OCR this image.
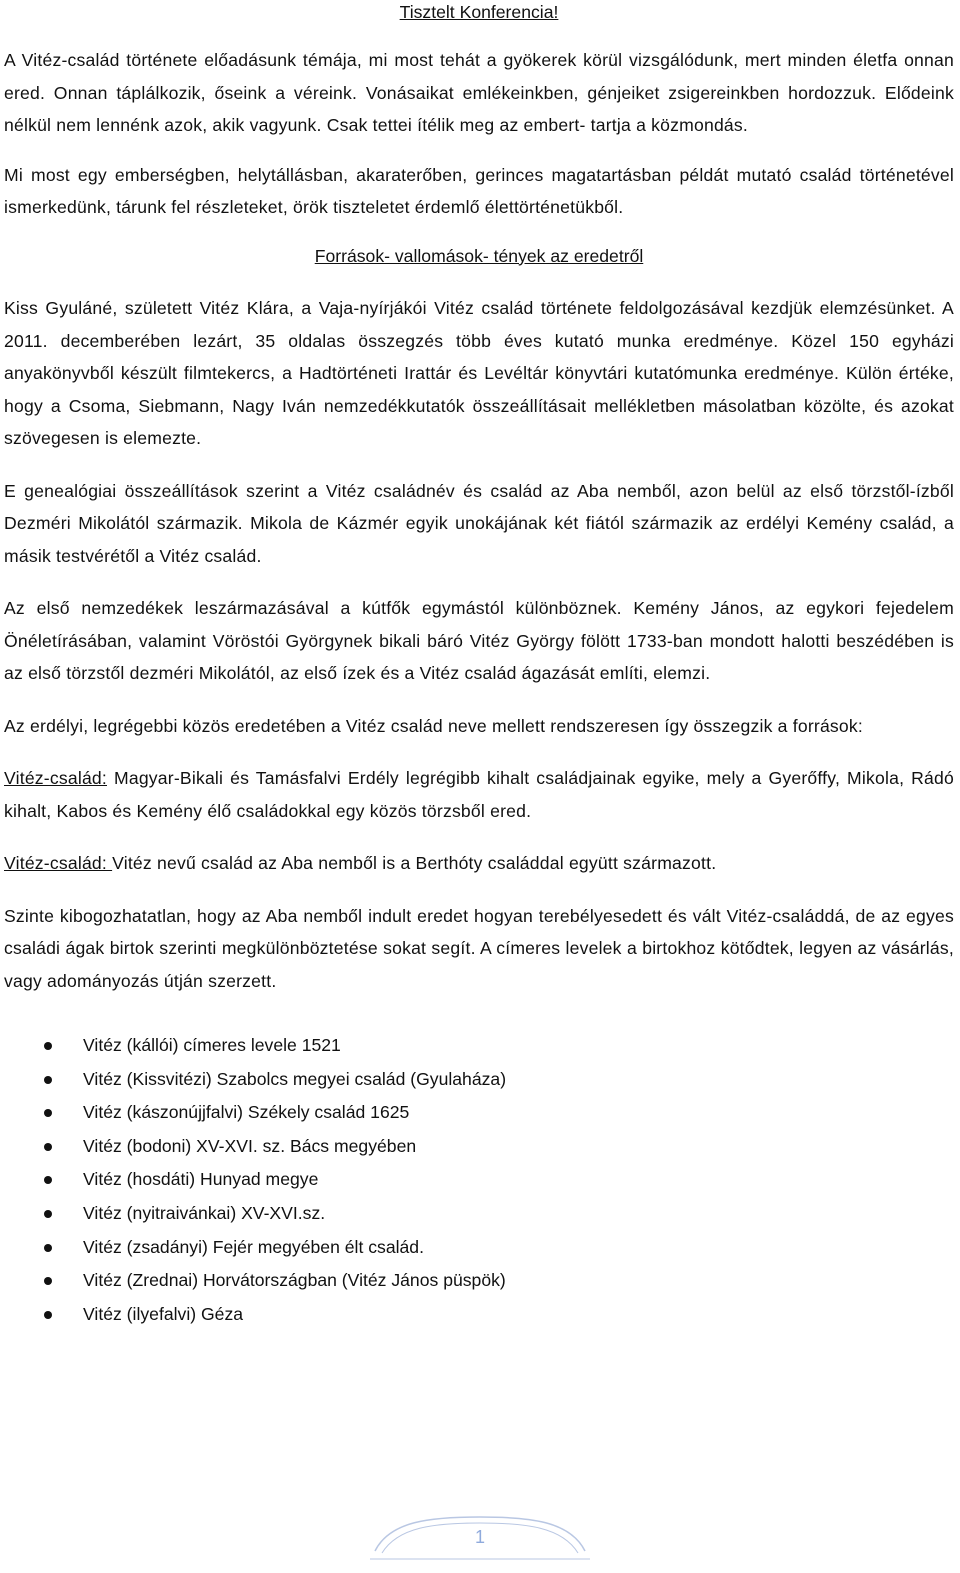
Tisztelt Konferencia!

A Vitéz-család története előadásunk témája, mi most tehát a gyökerek körül vizsgálódunk, mert minden életfa onnan ered. Onnan táplálkozik, őseink a véreink. Vonásaikat emlékeinkben, génjeiket zsigereinkben hordozzuk. Elődeink nélkül nem lennénk azok, akik vagyunk. Csak tettei ítélik meg az embert- tartja a közmondás.

Mi most egy emberségben, helytállásban, akaraterőben, gerinces magatartásban példát mutató család történetével ismerkedünk, tárunk fel részleteket, örök tiszteletet érdemlő élettörténetükből.

Források- vallomások- tények az eredetről

Kiss Gyuláné, született Vitéz Klára, a Vaja-nyírjákói Vitéz család története feldolgozásával kezdjük elemzésünket. A 2011. decemberében lezárt, 35 oldalas összegzés több éves kutató munka eredménye. Közel 150 egyházi anyakönyvből készült filmtekercs, a Hadtörténeti Irattár és Levéltár könyvtári kutatómunka eredménye. Külön értéke, hogy a Csoma, Siebmann, Nagy Iván nemzedékkutatók összeállításait mellékletben másolatban közölte, és azokat szövegesen is elemezte.

E genealógiai összeállítások szerint a Vitéz családnév és család az Aba nemből, azon belül az első törzstől-ízből Dezméri Mikolától származik. Mikola de Kázmér egyik unokájának két fiától származik az erdélyi Kemény család, a másik testvérétől a Vitéz család.

Az első nemzedékek leszármazásával a kútfők egymástól különböznek. Kemény János, az egykori fejedelem Önéletírásában, valamint Vöröstói Györgynek bikali báró Vitéz György fölött 1733-ban mondott halotti beszédében is az első törzstől dezméri Mikolától, az első ízek és a Vitéz család ágazását említi, elemzi.

Az erdélyi, legrégebbi közös eredetében a Vitéz család neve mellett rendszeresen így összegzik a források:

Vitéz-család: Magyar-Bikali és Tamásfalvi Erdély legrégibb kihalt családjainak egyike, mely a Gyerőffy, Mikola, Rádó kihalt, Kabos és Kemény élő családokkal egy közös törzsből ered.

Vitéz-család: Vitéz nevű család az Aba nemből is a Berthóty családdal együtt származott.

Szinte kibogozhatatlan, hogy az Aba nemből indult eredet hogyan terebélyesedett és vált Vitéz-családdá, de az egyes családi ágak birtok szerinti megkülönböztetése sokat segít. A címeres levelek a birtokhoz kötődtek, legyen az vásárlás, vagy adományozás útján szerzett.

Vitéz (kállói) címeres levele 1521
Vitéz (Kissvitézi) Szabolcs megyei család (Gyulaháza)
Vitéz (kászonújjfalvi) Székely család 1625
Vitéz (bodoni) XV-XVI. sz. Bács megyében
Vitéz (hosdáti) Hunyad megye
Vitéz (nyitraivánkai) XV-XVI.sz.
Vitéz (zsadányi) Fejér megyében élt család.
Vitéz (Zrednai) Horvátországban (Vitéz János püspök)
Vitéz (ilyefalvi) Géza
1
